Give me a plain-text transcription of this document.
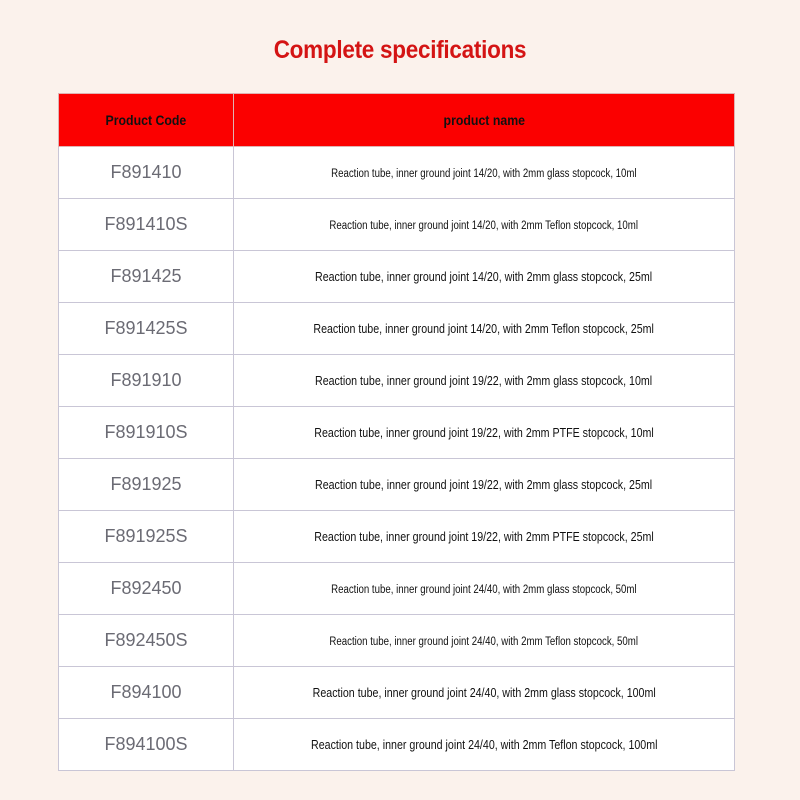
Complete specifications
Product Code	product name
F891410	Reaction tube, inner ground joint 14/20, with 2mm glass stopcock, 10ml
F891410S	Reaction tube, inner ground joint 14/20, with 2mm Teflon stopcock, 10ml
F891425	Reaction tube, inner ground joint 14/20, with 2mm glass stopcock, 25ml
F891425S	Reaction tube, inner ground joint 14/20, with 2mm Teflon stopcock, 25ml
F891910	Reaction tube, inner ground joint 19/22, with 2mm glass stopcock, 10ml
F891910S	Reaction tube, inner ground joint 19/22, with 2mm PTFE stopcock, 10ml
F891925	Reaction tube, inner ground joint 19/22, with 2mm glass stopcock, 25ml
F891925S	Reaction tube, inner ground joint 19/22, with 2mm PTFE stopcock, 25ml
F892450	Reaction tube, inner ground joint 24/40, with 2mm glass stopcock, 50ml
F892450S	Reaction tube, inner ground joint 24/40, with 2mm Teflon stopcock, 50ml
F894100	Reaction tube, inner ground joint 24/40, with 2mm glass stopcock, 100ml
F894100S	Reaction tube, inner ground joint 24/40, with 2mm Teflon stopcock, 100ml
